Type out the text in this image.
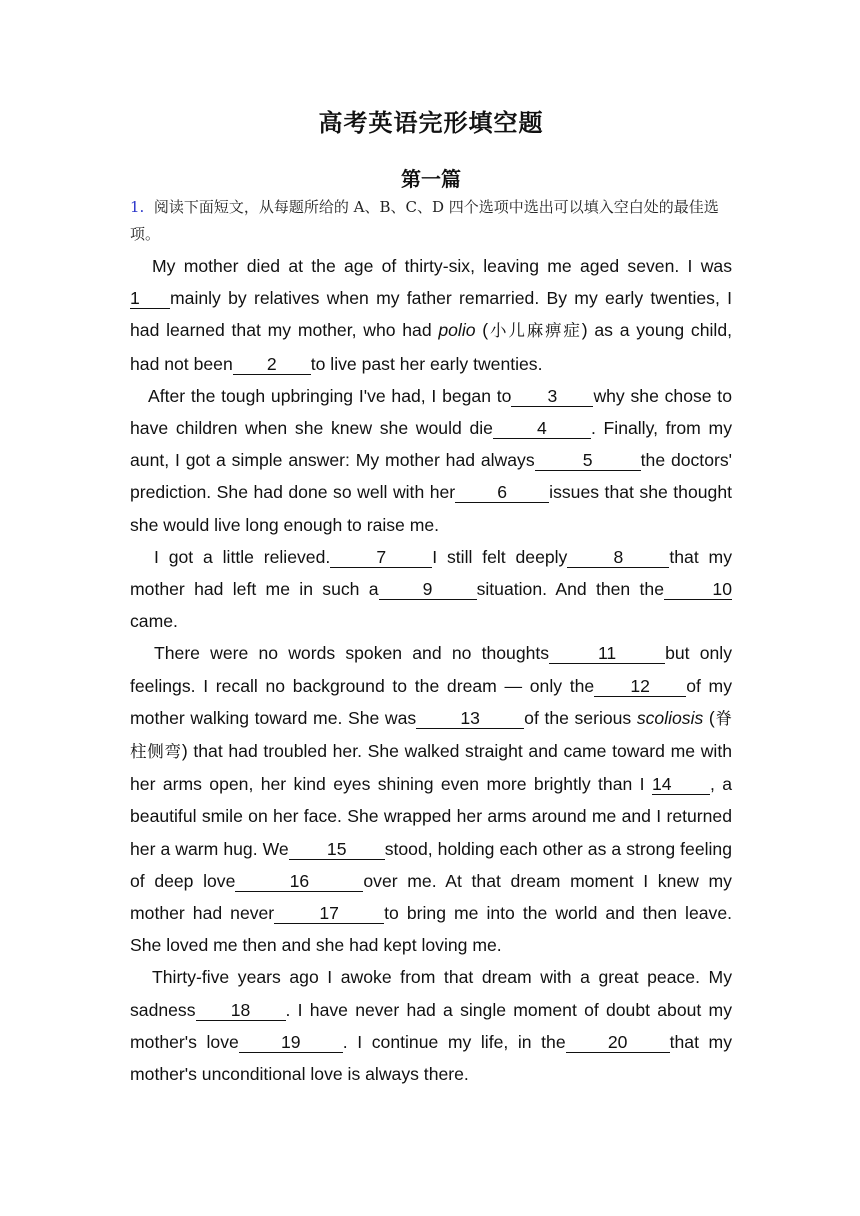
高考英语完形填空题
第一篇
1. 阅读下面短文，从每题所给的 A、B、C、D 四个选项中选出可以填入空白处的最佳选项。

My mother died at the age of thirty-six, leaving me aged seven. I was 1 mainly by relatives when my father remarried. By my early twenties, I had learned that my mother, who had polio (小儿麻痹症) as a young child, had not been 2 to live past her early twenties.

After the tough upbringing I've had, I began to 3 why she chose to have children when she knew she would die	4	. Finally, from my aunt, I got a simple answer: My mother had always	5	the doctors' prediction. She had done so well with her 6 issues that she thought she would live long enough to raise me.

I got a little relieved.	7	I still felt deeply	8	that my mother had left me in such a	9	situation. And then the	10 came.

There were no words spoken and no thoughts	11	but only feelings. I recall no background to the dream — only the 12 of my mother walking toward me. She was	13	of the serious scoliosis (脊柱侧弯) that had troubled her. She walked straight and came toward me with her arms open, her kind eyes shining even more brightly than I 14 , a beautiful smile on her face. She wrapped her arms around me and I returned her a warm hug. We 15 stood, holding each other as a strong feeling of deep love	16	over me. At that dream moment I knew my mother had never	17	to bring me into the world and then leave. She loved me then and she had kept loving me.

Thirty-five years ago I awoke from that dream with a great peace. My sadness 18 . I have never had a single moment of doubt about my mother's love 19 . I continue my life, in the 20 that my mother's unconditional love is always there.
